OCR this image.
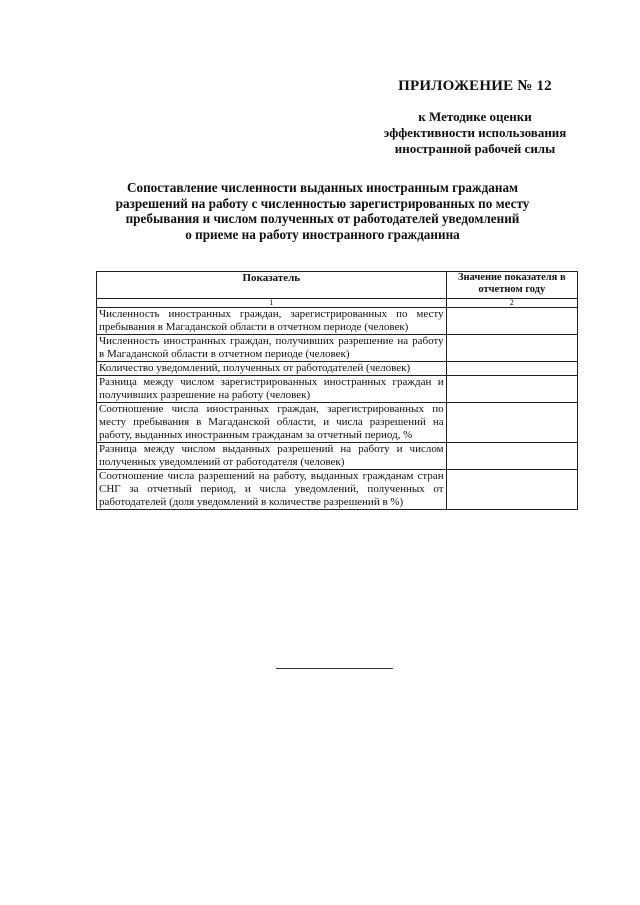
ПРИЛОЖЕНИЕ № 12
к Методике оценки
эффективности использования
иностранной рабочей силы
Сопоставление численности выданных иностранным гражданам
разрешений на работу с численностью зарегистрированных по месту
пребывания и числом полученных от работодателей уведомлений
о приеме на работу иностранного гражданина
Показатель	Значение показателя в отчетном году
1	2
Численность иностранных граждан, зарегистрированных по месту пребывания в Магаданской области в отчетном периоде (человек)	
Численность иностранных граждан, получивших разрешение на работу в Магаданской области в отчетном периоде (человек)	
Количество уведомлений, полученных от работодателей (человек)	
Разница между числом зарегистрированных иностранных граждан и получивших разрешение на работу (человек)	
Соотношение числа иностранных граждан, зарегистрированных по месту пребывания в Магаданской области, и числа разрешений на работу, выданных иностранным гражданам за отчетный период, %	
Разница между числом выданных разрешений на работу и числом полученных уведомлений от работодателя (человек)	
Соотношение числа разрешений на работу, выданных гражданам стран СНГ за отчетный период, и числа уведомлений, полученных от работодателей (доля уведомлений в количестве разрешений в %)	
